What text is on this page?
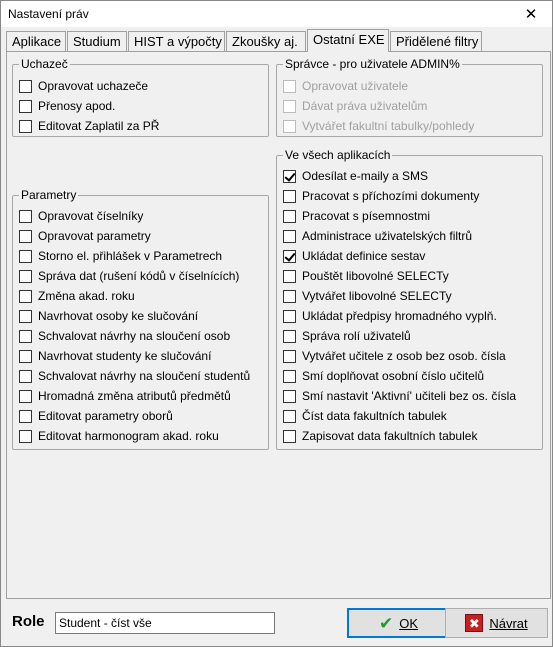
Nastavení práv	✕
Aplikace Studium	HIST a výpočty Zkoušky aj.	Ostatní EXE Přidělené filtry
Uchazeč
Opravovat uchazeče
Přenosy apod.
Editovat Zaplatil za PŘ
Správce - pro uživatele ADMIN%
Opravovat uživatele
Dávat práva uživatelům
Vytvářet fakultní tabulky/pohledy
Parametry
Opravovat číselníky
Opravovat parametry
Storno el. přihlášek v Parametrech
Správa dat (rušení kódů v číselnících)
Změna akad. roku
Navrhovat osoby ke slučování
Schvalovat návrhy na sloučení osob
Navrhovat studenty ke slučování
Schvalovat návrhy na sloučení studentů
Hromadná změna atributů předmětů
Editovat parametry oborů
Editovat harmonogram akad. roku
Ve všech aplikacích
Odesílat e-maily a SMS
Pracovat s příchozími dokumenty
Pracovat s písemnostmi
Administrace uživatelských filtrů
Ukládat definice sestav
Pouštět libovolné SELECTy
Vytvářet libovolné SELECTy
Ukládat předpisy hromadného vyplň.
Správa rolí uživatelů
Vytvářet učitele z osob bez osob. čísla
Smí doplňovat osobní číslo učitelů
Smí nastavit 'Aktivní' učiteli bez os. čísla
Číst data fakultních tabulek
Zapisovat data fakultních tabulek
Role
Student - číst vše	✔ OK	✖ Návrat
